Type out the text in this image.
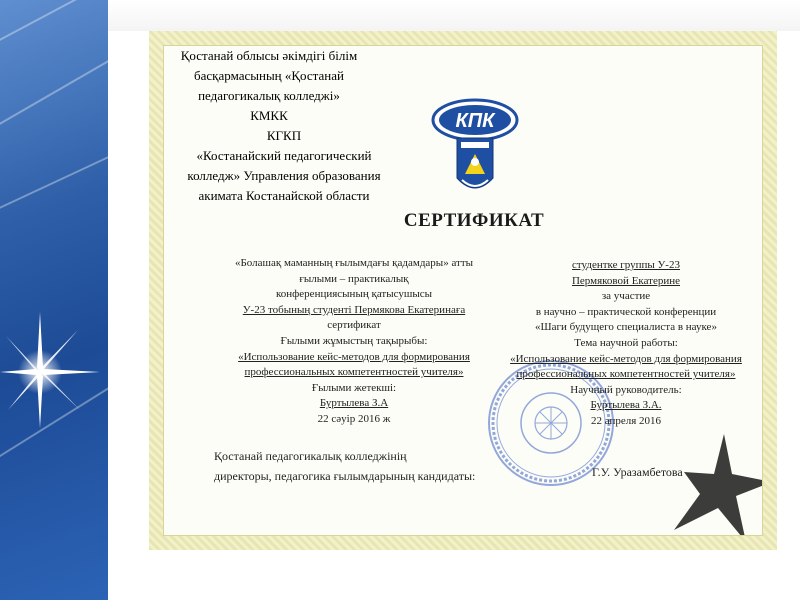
Қостанай облысы әкімдігі білім
басқармасының «Қостанай
педагогикалық колледжі»
КМКК	КПК
КГКП
«Костанайский педагогический
колледж» Управления образования
акимата Костанайской области
СЕРТИФИКАТ
«Болашақ маманның ғылымдағы қадамдары» атты
ғылыми – практикалық
конференциясының қатысушысы
У-23 тобының студенті Пермякова Екатеринаға
сертификат
Ғылыми жұмыстың тақырыбы:
«Использование кейс-методов для формирования
профессиональных компетентностей учителя»
Ғылыми жетекші:
Буртылева З.А
22 сәуір 2016 ж
студентке группы У-23
Пермяковой Екатерине
за участие
в научно – практической конференции
«Шаги будущего специалиста в науке»
Тема научной работы:
«Использование кейс-методов для формирования
профессиональных компетентностей учителя»
Научный руководитель:
Буртылева З.А.
22 апреля 2016
Қостанай педагогикалық колледжінің
директоры, педагогика ғылымдарының кандидаты:	Г.У. Уразамбетова
